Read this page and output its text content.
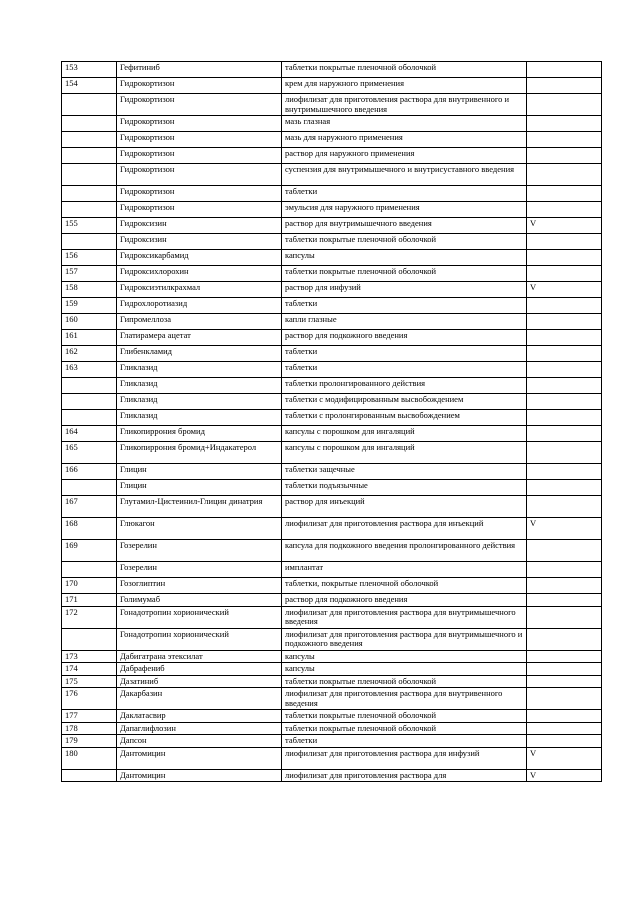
153	Гефитиниб	таблетки покрытые пленочной оболочкой	
154	Гидрокортизон	крем для наружного применения	
	Гидрокортизон	лиофилизат для приготовления раствора для внутривенного и внутримышечного введения	
	Гидрокортизон	мазь глазная	
	Гидрокортизон	мазь для наружного применения	
	Гидрокортизон	раствор для наружного применения	
	Гидрокортизон	суспензия для внутримышечного и внутрисуставного введения	
	Гидрокортизон	таблетки	
	Гидрокортизон	эмульсия для наружного применения	
155	Гидроксизин	раствор для внутримышечного введения	V
	Гидроксизин	таблетки покрытые пленочной оболочкой	
156	Гидроксикарбамид	капсулы	
157	Гидроксихлорохин	таблетки покрытые пленочной оболочкой	
158	Гидроксиэтилкрахмал	раствор для инфузий	V
159	Гидрохлоротиазид	таблетки	
160	Гипромеллоза	капли глазные	
161	Глатирамера ацетат	раствор для подкожного введения	
162	Глибенкламид	таблетки	
163	Гликлазид	таблетки	
	Гликлазид	таблетки пролонгированного действия	
	Гликлазид	таблетки с модифицированным высвобождением	
	Гликлазид	таблетки с пролонгированным высвобождением	
164	Гликопиррония бромид	капсулы с порошком для ингаляций	
165	Гликопиррония бромид+Индакатерол	капсулы с порошком для ингаляций	
166	Глицин	таблетки защечные	
	Глицин	таблетки подъязычные	
167	Глутамил-Цистеинил-Глицин динатрия	раствор для инъекций	
168	Глюкагон	лиофилизат для приготовления раствора для инъекций	V
169	Гозерелин	капсула для подкожного введения пролонгированного действия	
	Гозерелин	имплантат	
170	Гозоглиптин	таблетки, покрытые пленочной оболочкой	
171	Голимумаб	раствор для подкожного введения	
172	Гонадотропин хорионический	лиофилизат для приготовления раствора для внутримышечного введения	
	Гонадотропин хорионический	лиофилизат для приготовления раствора для внутримышечного и подкожного введения	
173	Дабигатрана этексилат	капсулы	
174	Дабрафениб	капсулы	
175	Дазатиниб	таблетки покрытые пленочной оболочкой	
176	Дакарбазин	лиофилизат для приготовления раствора для внутривенного введения	
177	Даклатасвир	таблетки покрытые пленочной оболочкой	
178	Дапаглифлозин	таблетки покрытые пленочной оболочкой	
179	Дапсон	таблетки	
180	Дантомицин	лиофилизат для приготовления раствора для инфузий	V
	Дантомицин	лиофилизат для приготовления раствора для	V
